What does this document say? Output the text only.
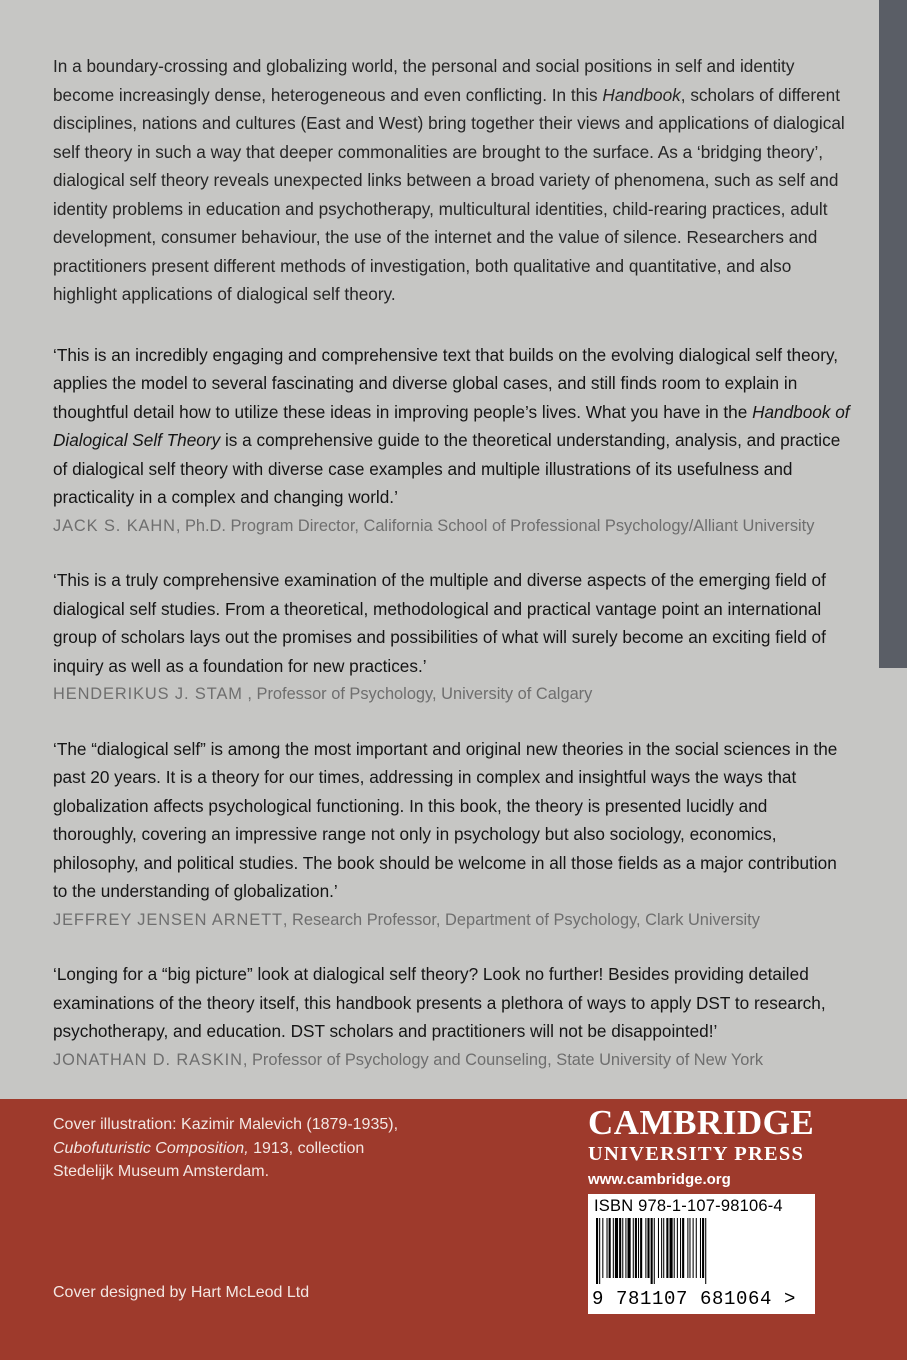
In a boundary-crossing and globalizing world, the personal and social positions in self and identity become increasingly dense, heterogeneous and even conflicting. In this Handbook, scholars of different disciplines, nations and cultures (East and West) bring together their views and applications of dialogical self theory in such a way that deeper commonalities are brought to the surface. As a ‘bridging theory’, dialogical self theory reveals unexpected links between a broad variety of phenomena, such as self and identity problems in education and psychotherapy, multicultural identities, child-rearing practices, adult development, consumer behaviour, the use of the internet and the value of silence. Researchers and practitioners present different methods of investigation, both qualitative and quantitative, and also highlight applications of dialogical self theory.

‘This is an incredibly engaging and comprehensive text that builds on the evolving dialogical self theory, applies the model to several fascinating and diverse global cases, and still finds room to explain in thoughtful detail how to utilize these ideas in improving people’s lives. What you have in the Handbook of Dialogical Self Theory is a comprehensive guide to the theoretical understanding, analysis, and practice of dialogical self theory with diverse case examples and multiple illustrations of its usefulness and practicality in a complex and changing world.’

JACK S. KAHN, Ph.D. Program Director, California School of Professional Psychology/Alliant University

‘This is a truly comprehensive examination of the multiple and diverse aspects of the emerging field of dialogical self studies. From a theoretical, methodological and practical vantage point an international group of scholars lays out the promises and possibilities of what will surely become an exciting field of inquiry as well as a foundation for new practices.’

HENDERIKUS J. STAM , Professor of Psychology, University of Calgary

‘The “dialogical self” is among the most important and original new theories in the social sciences in the past 20 years. It is a theory for our times, addressing in complex and insightful ways the ways that globalization affects psychological functioning. In this book, the theory is presented lucidly and thoroughly, covering an impressive range not only in psychology but also sociology, economics, philosophy, and political studies. The book should be welcome in all those fields as a major contribution to the understanding of globalization.’

JEFFREY JENSEN ARNETT, Research Professor, Department of Psychology, Clark University

‘Longing for a “big picture” look at dialogical self theory? Look no further! Besides providing detailed examinations of the theory itself, this handbook presents a plethora of ways to apply DST to research, psychotherapy, and education. DST scholars and practitioners will not be disappointed!’

JONATHAN D. RASKIN, Professor of Psychology and Counseling, State University of New York

Cover illustration: Kazimir Malevich (1879-1935),
Cubofuturistic Composition, 1913, collection
Stedelijk Museum Amsterdam.

Cover designed by Hart McLeod Ltd

CAMBRIDGE
UNIVERSITY PRESS
www.cambridge.org
ISBN 978-1-107-98106-4
9 781107 681064 >
